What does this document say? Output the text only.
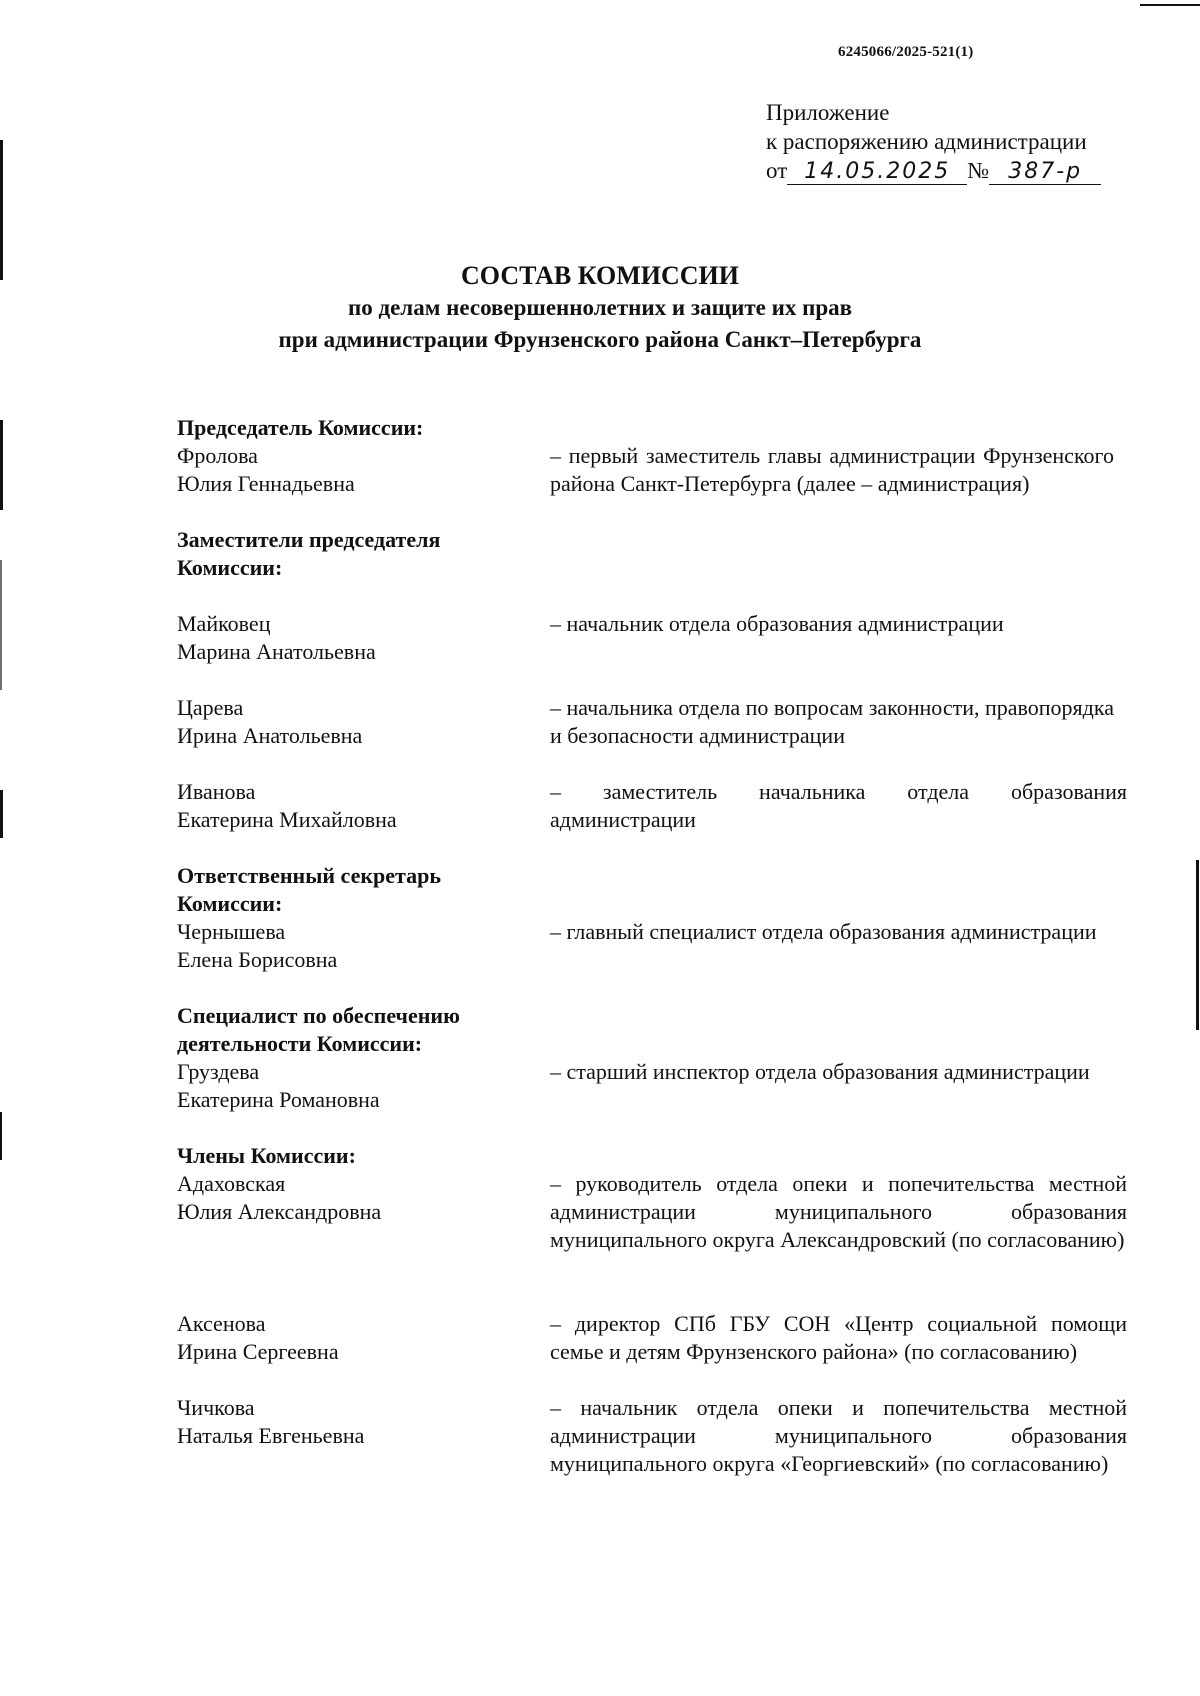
6245066/2025-521(1)
Приложение
к распоряжению администрации
от 14.05.2025 № 387-р
СОСТАВ КОМИССИИ
по делам несовершеннолетних и защите их прав
при администрации Фрунзенского района Санкт–Петербурга
Председатель Комиссии:
Фролова
Юлия Геннадьевна
– первый заместитель главы администрации Фрунзенского района Санкт-Петербурга (далее – администрация)
Заместители председателя
Комиссии:
Майковец
Марина Анатольевна
– начальник отдела образования администрации
Царева
Ирина Анатольевна
– начальника отдела по вопросам законности, правопорядка и безопасности администрации
Иванова
Екатерина Михайловна
– заместитель начальника отдела образования администрации
Ответственный секретарь
Комиссии:
Чернышева
Елена Борисовна
– главный специалист отдела образования администрации
Специалист по обеспечению
деятельности Комиссии:
Груздева
Екатерина Романовна
– старший инспектор отдела образования администрации
Члены Комиссии:
Адаховская
Юлия Александровна
– руководитель отдела опеки и попечительства местной администрации муниципального образования муниципального округа Александровский (по согласованию)
Аксенова
Ирина Сергеевна
– директор СПб ГБУ СОН «Центр социальной помощи семье и детям Фрунзенского района» (по согласованию)
Чичкова
Наталья Евгеньевна
– начальник отдела опеки и попечительства местной администрации муниципального образования муниципального округа «Георгиевский» (по согласованию)
